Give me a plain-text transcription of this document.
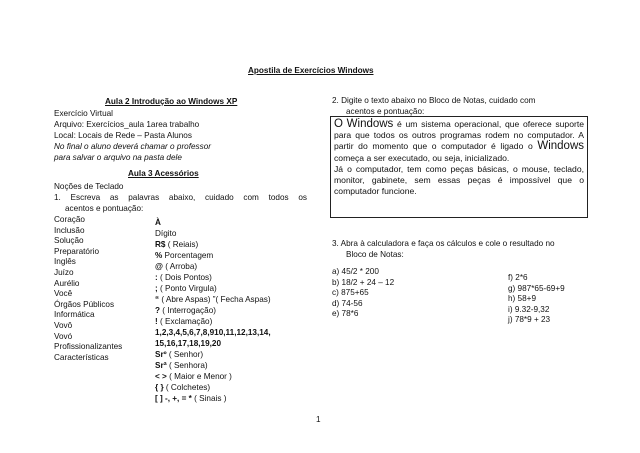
Apostila de Exercícios Windows
Aula 2 Introdução ao Windows XP
Exercício Virtual
Arquivo: Exercícios_aula 1area trabalho
Local: Locais de Rede – Pasta Alunos
No final o aluno deverá chamar o professor
para salvar o arquivo na pasta dele
Aula 3 Acessórios
Noções de Teclado
1. Escreva as palavras abaixo, cuidado com todos os
acentos e pontuação:
Coração
Inclusão
Solução
Preparatório
Inglês
Juízo
Aurélio
Você
Órgãos Públicos
Informática
Vovô
Vovó
Profissionalizantes
Características
À
Dígito
R$ ( Reiais)
% Porcentagem
@ ( Arroba)
: ( Dois Pontos)
; ( Ponto Virgula)
“ ( Abre Aspas) ”( Fecha Aspas)
? ( Interrogação)
! ( Exclamação)
1,2,3,4,5,6,7,8,910,11,12,13,14,
15,16,17,18,19,20
Srº ( Senhor)
Srª ( Senhora)
< > ( Maior e Menor )
{ } ( Colchetes)
[ ] -, +, = * ( Sinais )
2. Digite o texto abaixo no Bloco de Notas, cuidado com
acentos e pontuação:

O Windows é um sistema operacional, que oferece suporte para que todos os outros programas rodem no computador. A partir do momento que o computador é ligado o Windows começa a ser executado, ou seja, inicializado.

Já o computador, tem como peças básicas, o mouse, teclado, monitor, gabinete, sem essas peças é impossível que o computador funcione.

3. Abra à calculadora e faça os cálculos e cole o resultado no
Bloco de Notas:
a) 45/2 * 200
b) 18/2 + 24 – 12
c) 875+65
d) 74-56
e) 78*6
f) 2*6
g) 987*65-69+9
h) 58+9
i) 9.32-9,32
j) 78*9 + 23
1
